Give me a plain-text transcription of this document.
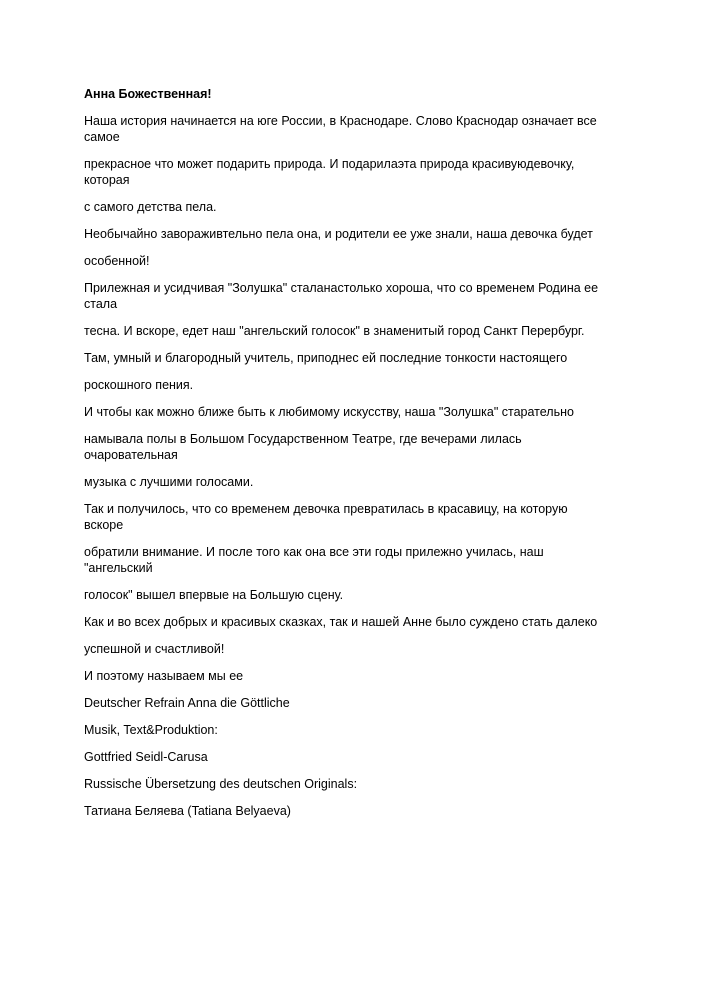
Анна Божественная!
Наша история начинается на юге России, в Краснодаре. Слово Краснодар означает все
самое
прекрасное что может подарить природа. И подарилаэта природа красивуюдевочку,
которая
с самого детства пела.
Необычайно завораживтельно пела она, и родители ее уже знали, наша девочка будет
особенной!
Прилежная и усидчивая "Золушка" сталанастолько хороша, что со временем Родина ее
стала
тесна. И вскоре, едет наш "ангельский голосок" в знаменитый город Санкт Перербург.
Там, умный и благородный учитель, приподнес ей последние тонкости настоящего
роскошного пения.
И чтобы как можно ближе быть к любимому искусству, наша "Золушка" старательно
намывала полы в Большом Государственном Театре, где вечерами лилась
очаровательная
музыка с лучшими голосами.
Так и получилось, что со временем девочка превратилась в красавицу, на которую
вскоре
обратили внимание. И после того как она все эти годы прилежно училась, наш
"ангельский
голосок" вышел впервые на Большую сцену.
Как и во всех добрых и красивых сказках, так и нашей Анне было суждено стать далеко
успешной и счастливой!
И поэтому называем мы ее
Deutscher Refrain Anna die Göttliche
Musik, Text&Produktion:
Gottfried Seidl-Carusa
Russische Übersetzung des deutschen Originals:
Татиана Беляева (Tatiana Belyaeva)
